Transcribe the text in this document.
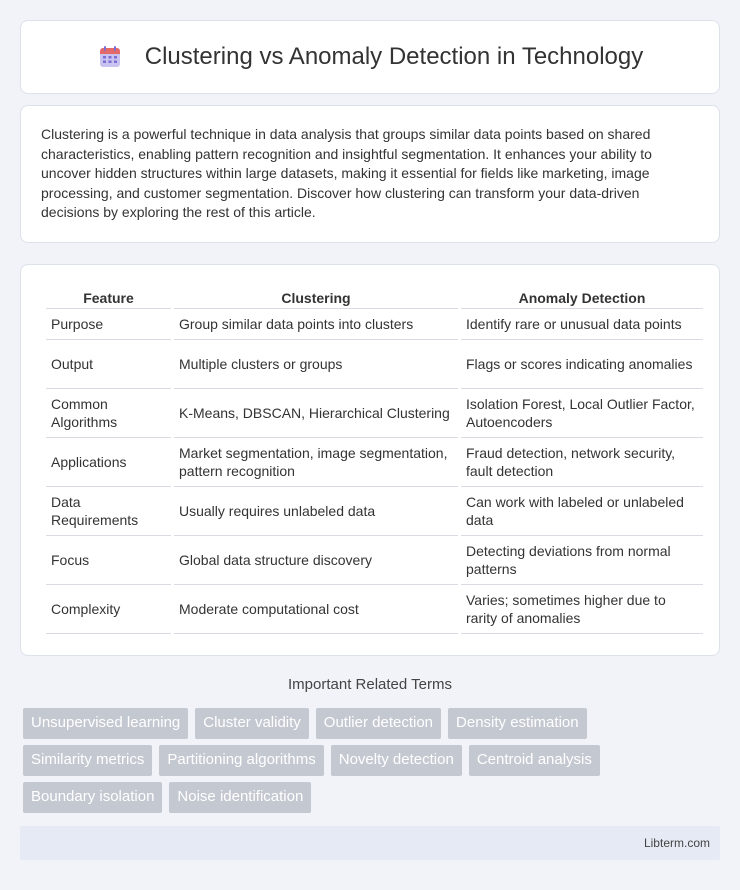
Clustering vs Anomaly Detection in Technology

Clustering is a powerful technique in data analysis that groups similar data points based on shared characteristics, enabling pattern recognition and insightful segmentation. It enhances your ability to uncover hidden structures within large datasets, making it essential for fields like marketing, image processing, and customer segmentation. Discover how clustering can transform your data-driven decisions by exploring the rest of this article.

Feature	Clustering	Anomaly Detection
Purpose	Group similar data points into clusters	Identify rare or unusual data points
Output	Multiple clusters or groups	Flags or scores indicating anomalies
Common Algorithms	K-Means, DBSCAN, Hierarchical Clustering	Isolation Forest, Local Outlier Factor, Autoencoders
Applications	Market segmentation, image segmentation, pattern recognition	Fraud detection, network security, fault detection
Data Requirements	Usually requires unlabeled data	Can work with labeled or unlabeled data
Focus	Global data structure discovery	Detecting deviations from normal patterns
Complexity	Moderate computational cost	Varies; sometimes higher due to rarity of anomalies
Important Related Terms
Unsupervised learning	Cluster validity	Outlier detection	Density estimation
Similarity metrics	Partitioning algorithms	Novelty detection	Centroid analysis
Boundary isolation	Noise identification
Libterm.com
